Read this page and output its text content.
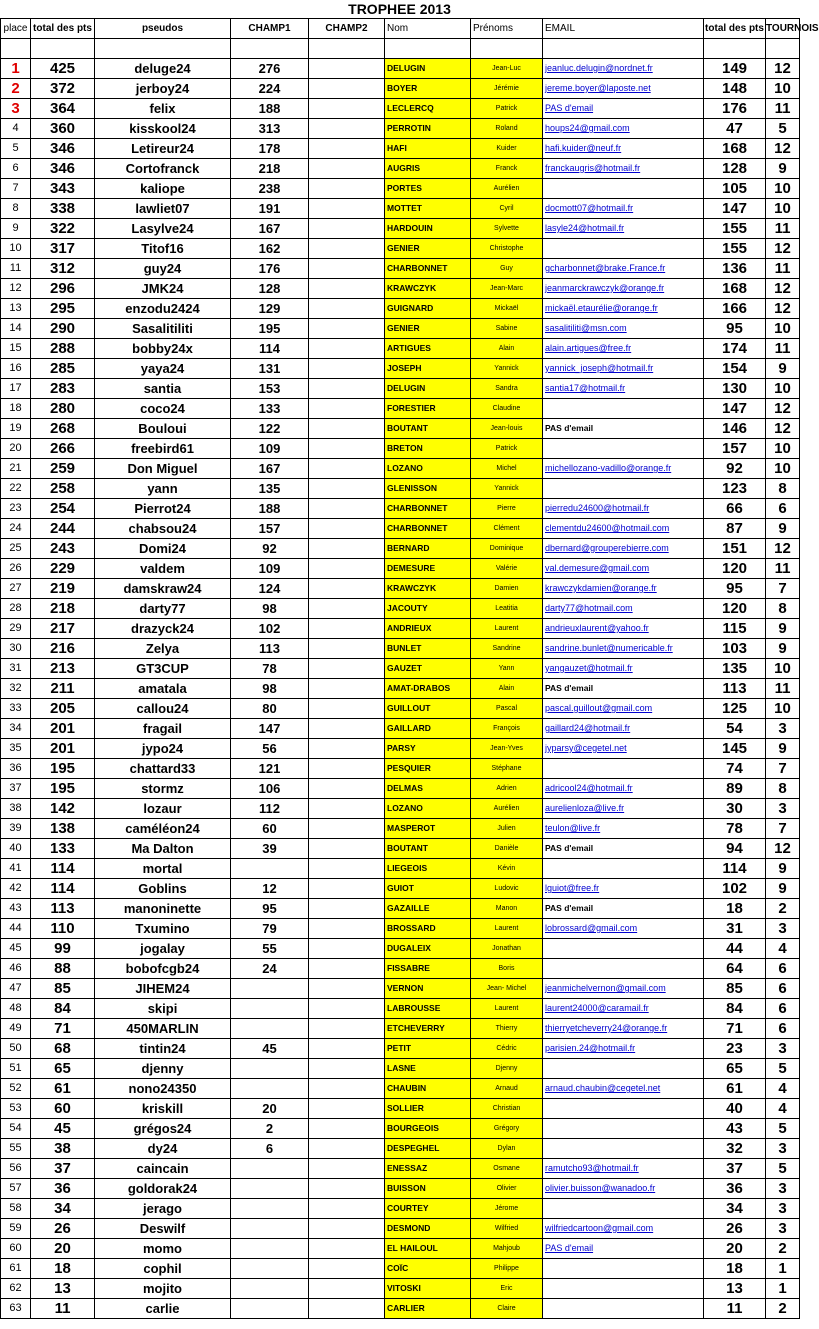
TROPHEE 2013
place	total des pts	pseudos	CHAMP1	CHAMP2	Nom	Prénoms	EMAIL	total des pts	TOURNOIS

1	425	deluge24	276		DELUGIN	Jean-Luc	jeanluc.delugin@nordnet.fr	149	12
2	372	jerboy24	224		BOYER	Jérémie	jereme.boyer@laposte.net	148	10
3	364	felix	188		LECLERCQ	Patrick	PAS d'email	176	11
4	360	kisskool24	313		PERROTIN	Roland	houps24@gmail.com	47	5
5	346	Letireur24	178		HAFI	Kuider	hafi.kuider@neuf.fr	168	12
6	346	Cortofranck	218		AUGRIS	Franck	franckaugris@hotmail.fr	128	9
7	343	kaliope	238		PORTES	Aurélien		105	10
8	338	lawliet07	191		MOTTET	Cyril	docmott07@hotmail.fr	147	10
9	322	Lasylve24	167		HARDOUIN	Sylvette	lasyle24@hotmail.fr	155	11
10	317	Titof16	162		GENIER	Christophe		155	12
11	312	guy24	176		CHARBONNET	Guy	gcharbonnet@brake.France.fr	136	11
12	296	JMK24	128		KRAWCZYK	Jean-Marc	jeanmarckrawczyk@orange.fr	168	12
13	295	enzodu2424	129		GUIGNARD	Mickaël	mickaël.etaurélie@orange.fr	166	12
14	290	Sasalitiliti	195		GENIER	Sabine	sasalitiliti@msn.com	95	10
15	288	bobby24x	114		ARTIGUES	Alain	alain.artigues@free.fr	174	11
16	285	yaya24	131		JOSEPH	Yannick	yannick_joseph@hotmail.fr	154	9
17	283	santia	153		DELUGIN	Sandra	santia17@hotmail.fr	130	10
18	280	coco24	133		FORESTIER	Claudine		147	12
19	268	Bouloui	122		BOUTANT	Jean-louis	PAS d'email	146	12
20	266	freebird61	109		BRETON	Patrick		157	10
21	259	Don Miguel	167		LOZANO	Michel	michellozano-vadillo@orange.fr	92	10
22	258	yann	135		GLENISSON	Yannick		123	8
23	254	Pierrot24	188		CHARBONNET	Pierre	pierredu24600@hotmail.fr	66	6
24	244	chabsou24	157		CHARBONNET	Clément	clementdu24600@hotmail.com	87	9
25	243	Domi24	92		BERNARD	Dominique	dbernard@grouperebierre.com	151	12
26	229	valdem	109		DEMESURE	Valérie	val.demesure@gmail.com	120	11
27	219	damskraw24	124		KRAWCZYK	Damien	krawczykdamien@orange.fr	95	7
28	218	darty77	98		JACOUTY	Leatitia	darty77@hotmail.com	120	8
29	217	drazyck24	102		ANDRIEUX	Laurent	andrieuxlaurent@yahoo.fr	115	9
30	216	Zelya	113		BUNLET	Sandrine	sandrine.bunlet@numericable.fr	103	9
31	213	GT3CUP	78		GAUZET	Yann	yangauzet@hotmail.fr	135	10
32	211	amatala	98		AMAT-DRABOS	Alain	PAS d'email	113	11
33	205	callou24	80		GUILLOUT	Pascal	pascal.guillout@gmail.com	125	10
34	201	fragail	147		GAILLARD	François	gaillard24@hotmail.fr	54	3
35	201	jypo24	56		PARSY	Jean-Yves	jyparsy@cegetel.net	145	9
36	195	chattard33	121		PESQUIER	Stéphane		74	7
37	195	stormz	106		DELMAS	Adrien	adricool24@hotmail.fr	89	8
38	142	lozaur	112		LOZANO	Aurélien	aurelienloza@live.fr	30	3
39	138	caméléon24	60		MASPEROT	Julien	teulon@live.fr	78	7
40	133	Ma Dalton	39		BOUTANT	Danièle	PAS d'email	94	12
41	114	mortal			LIEGEOIS	Kévin		114	9
42	114	Goblins	12		GUIOT	Ludovic	lguiot@free.fr	102	9
43	113	manoninette	95		GAZAILLE	Manon	PAS d'email	18	2
44	110	Txumino	79		BROSSARD	Laurent	lobrossard@gmail.com	31	3
45	99	jogalay	55		DUGALEIX	Jonathan		44	4
46	88	bobofcgb24	24		FISSABRE	Boris		64	6
47	85	JIHEM24			VERNON	Jean- Michel	jeanmichelvernon@gmail.com	85	6
48	84	skipi			LABROUSSE	Laurent	laurent24000@caramail.fr	84	6
49	71	450MARLIN			ETCHEVERRY	Thierry	thierryetcheverry24@orange.fr	71	6
50	68	tintin24	45		PETIT	Cédric	parisien.24@hotmail.fr	23	3
51	65	djenny			LASNE	Djenny		65	5
52	61	nono24350			CHAUBIN	Arnaud	arnaud.chaubin@cegetel.net	61	4
53	60	kriskill	20		SOLLIER	Christian		40	4
54	45	grégos24	2		BOURGEOIS	Grégory		43	5
55	38	dy24	6		DESPEGHEL	Dylan		32	3
56	37	caincain			ENESSAZ	Osmane	ramutcho93@hotmail.fr	37	5
57	36	goldorak24			BUISSON	Olivier	olivier.buisson@wanadoo.fr	36	3
58	34	jerago			COURTEY	Jérome		34	3
59	26	Deswilf			DESMOND	Wilfried	wilfriedcartoon@gmail.com	26	3
60	20	momo			EL HAILOUL	Mahjoub	PAS d'email	20	2
61	18	cophil			COÏC	Philippe		18	1
62	13	mojito			VITOSKI	Eric		13	1
63	11	carlie			CARLIER	Claire		11	2
